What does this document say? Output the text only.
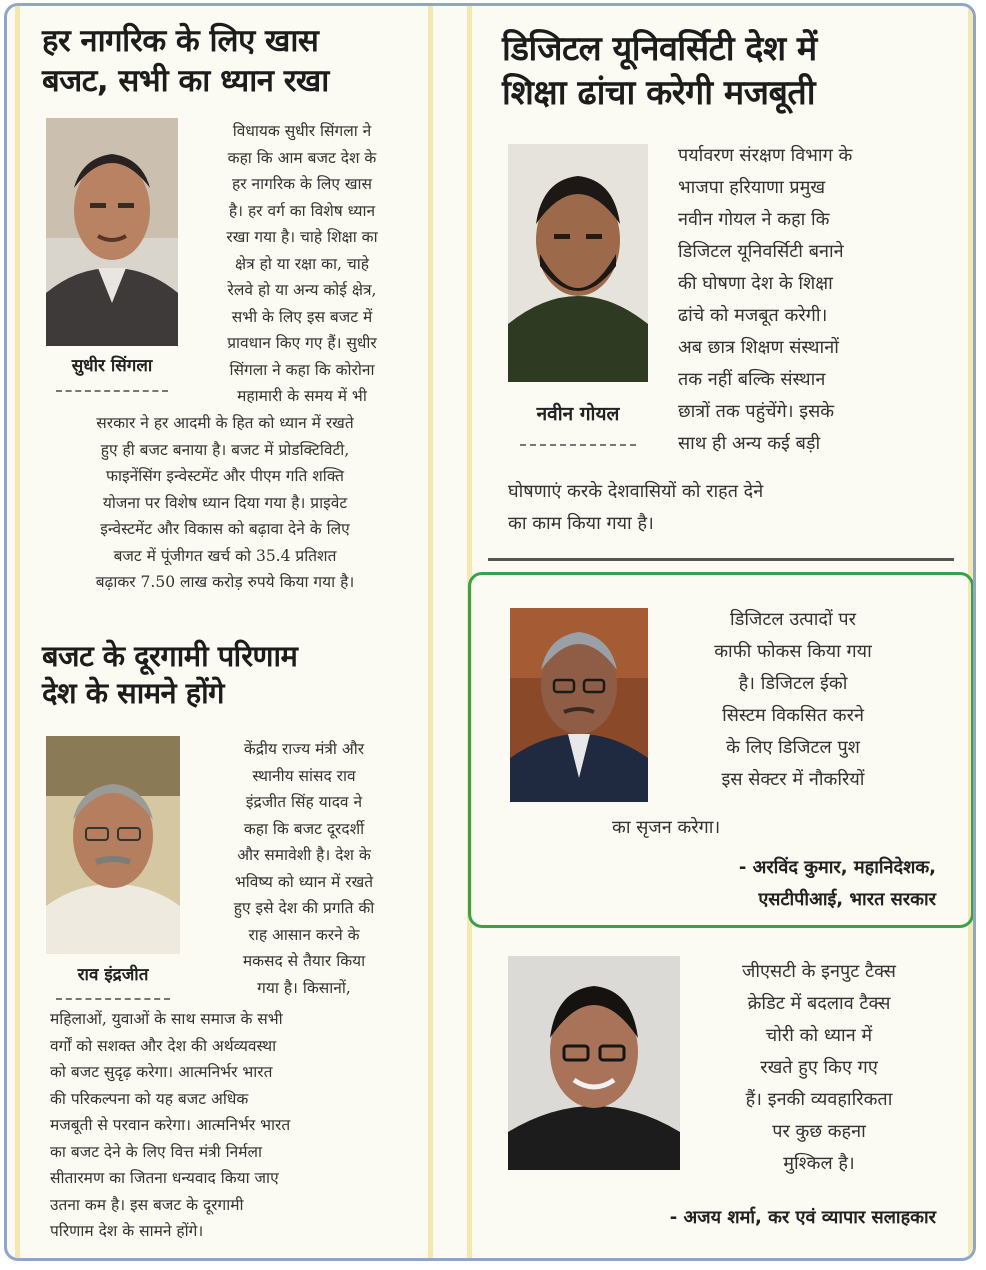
हर नागरिक के लिए खास
बजट, सभी का ध्यान रखा
सुधीर सिंगला
विधायक सुधीर सिंगला ने
कहा कि आम बजट देश के
हर नागरिक के लिए खास
है। हर वर्ग का विशेष ध्यान
रखा गया है। चाहे शिक्षा का
क्षेत्र हो या रक्षा का, चाहे
रेलवे हो या अन्य कोई क्षेत्र,
सभी के लिए इस बजट में
प्रावधान किए गए हैं। सुधीर
सिंगला ने कहा कि कोरोना
महामारी के समय में भी
सरकार ने हर आदमी के हित को ध्यान में रखते
हुए ही बजट बनाया है। बजट में प्रोडक्टिविटी,
फाइनेंसिंग इन्वेस्टमेंट और पीएम गति शक्ति
योजना पर विशेष ध्यान दिया गया है। प्राइवेट
इन्वेस्टमेंट और विकास को बढ़ावा देने के लिए
बजट में पूंजीगत खर्च को 35.4 प्रतिशत
बढ़ाकर 7.50 लाख करोड़ रुपये किया गया है।
बजट के दूरगामी परिणाम
देश के सामने होंगे
राव इंद्रजीत
केंद्रीय राज्य मंत्री और
स्थानीय सांसद राव
इंद्रजीत सिंह यादव ने
कहा कि बजट दूरदर्शी
और समावेशी है। देश के
भविष्य को ध्यान में रखते
हुए इसे देश की प्रगति की
राह आसान करने के
मकसद से तैयार किया
गया है। किसानों,
महिलाओं, युवाओं के साथ समाज के सभी
वर्गों को सशक्त और देश की अर्थव्यवस्था
को बजट सुदृढ़ करेगा। आत्मनिर्भर भारत
की परिकल्पना को यह बजट अधिक
मजबूती से परवान करेगा। आत्मनिर्भर भारत
का बजट देने के लिए वित्त मंत्री निर्मला
सीतारमण का जितना धन्यवाद किया जाए
उतना कम है। इस बजट के दूरगामी
परिणाम देश के सामने होंगे।
डिजिटल यूनिवर्सिटी देश में
शिक्षा ढांचा करेगी मजबूती
नवीन गोयल
पर्यावरण संरक्षण विभाग के
भाजपा हरियाणा प्रमुख
नवीन गोयल ने कहा कि
डिजिटल यूनिवर्सिटी बनाने
की घोषणा देश के शिक्षा
ढांचे को मजबूत करेगी।
अब छात्र शिक्षण संस्थानों
तक नहीं बल्कि संस्थान
छात्रों तक पहुंचेंगे। इसके
साथ ही अन्य कई बड़ी
घोषणाएं करके देशवासियों को राहत देने
का काम किया गया है।
डिजिटल उत्पादों पर
काफी फोकस किया गया
है। डिजिटल ईको
सिस्टम विकसित करने
के लिए डिजिटल पुश
इस सेक्टर में नौकरियों
का सृजन करेगा।
- अरविंद कुमार, महानिदेशक,
एसटीपीआई, भारत सरकार
जीएसटी के इनपुट टैक्स
क्रेडिट में बदलाव टैक्स
चोरी को ध्यान में
रखते हुए किए गए
हैं। इनकी व्यवहारिकता
पर कुछ कहना
मुश्किल है।
- अजय शर्मा, कर एवं व्यापार सलाहकार
